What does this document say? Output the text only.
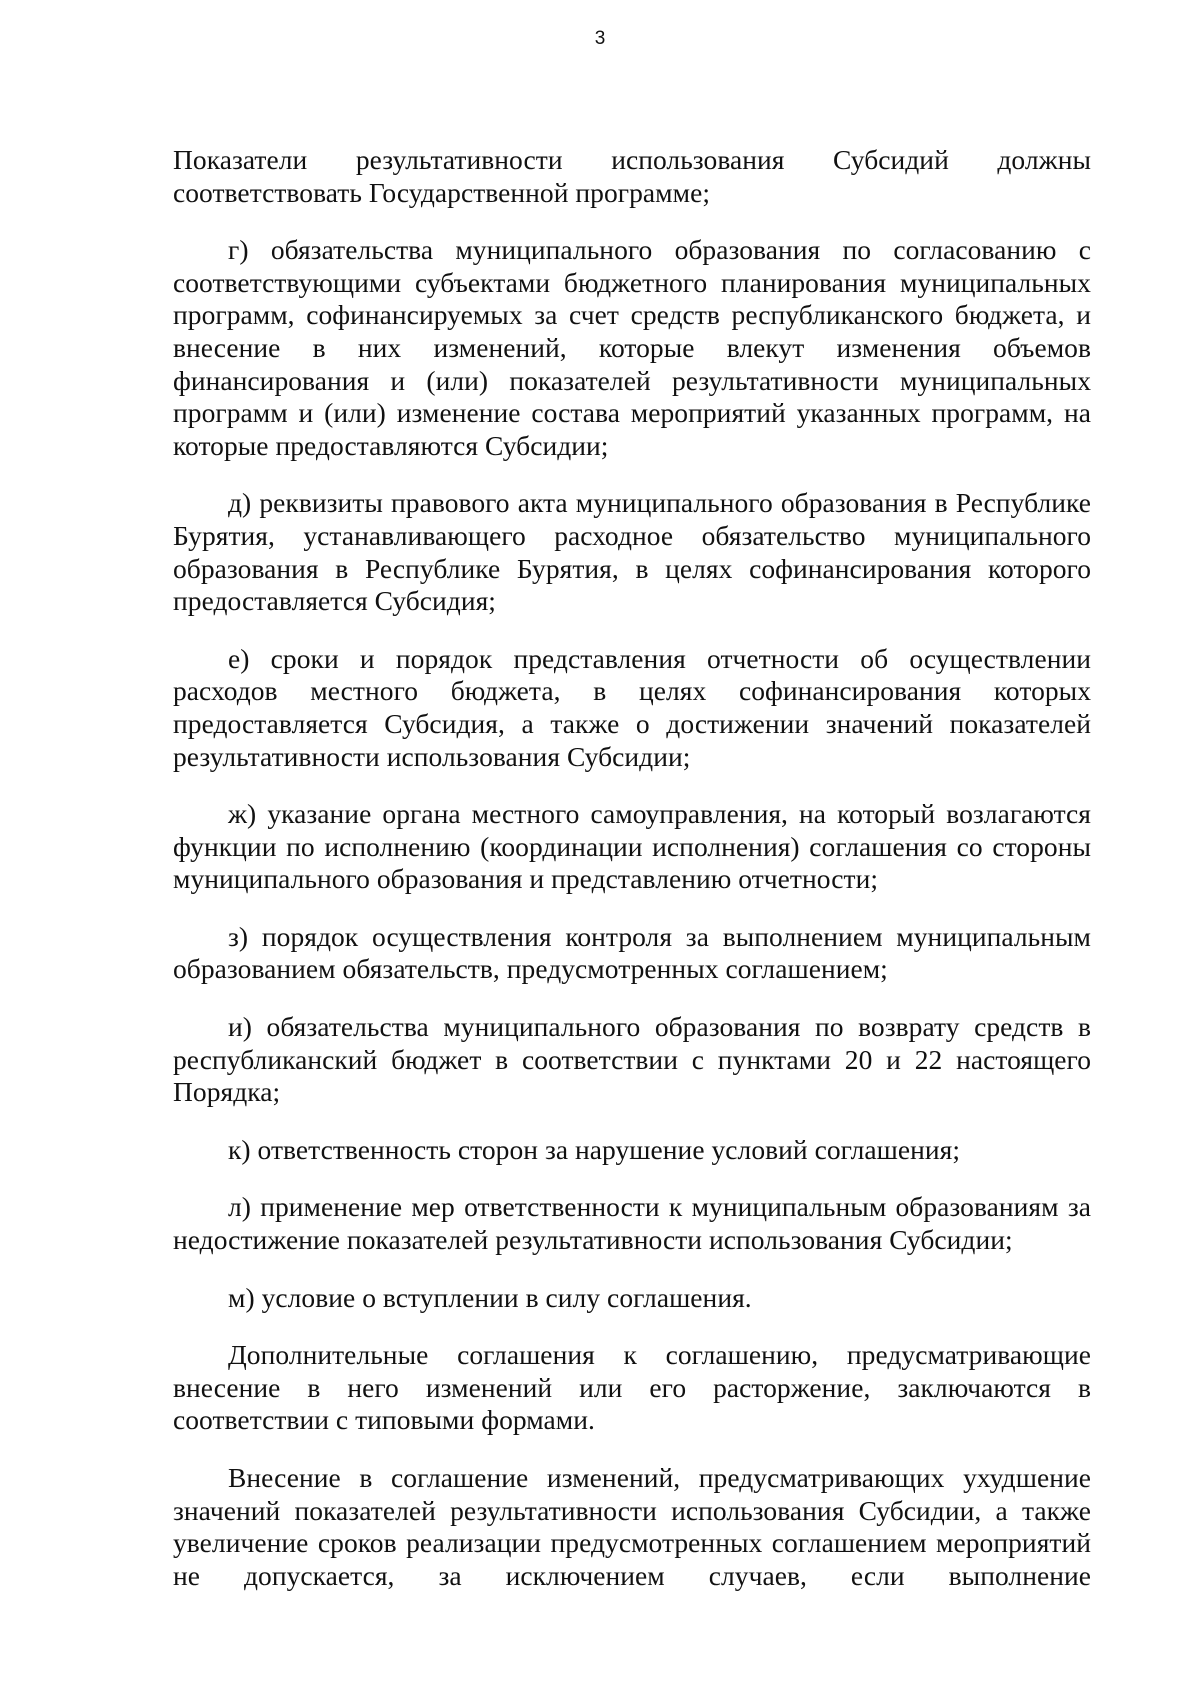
3

Показатели результативности использования Субсидий должны соответствовать Государственной программе;

г) обязательства муниципального образования по согласованию с соответствующими субъектами бюджетного планирования муниципальных программ, софинансируемых за счет средств республиканского бюджета, и внесение в них изменений, которые влекут изменения объемов финансирования и (или) показателей результативности муниципальных программ и (или) изменение состава мероприятий указанных программ, на которые предоставляются Субсидии;

д) реквизиты правового акта муниципального образования в Республике Бурятия, устанавливающего расходное обязательство муниципального образования в Республике Бурятия, в целях софинансирования которого предоставляется Субсидия;

е) сроки и порядок представления отчетности об осуществлении расходов местного бюджета, в целях софинансирования которых предоставляется Субсидия, а также о достижении значений показателей результативности использования Субсидии;

ж) указание органа местного самоуправления, на который возлагаются функции по исполнению (координации исполнения) соглашения со стороны муниципального образования и представлению отчетности;

з) порядок осуществления контроля за выполнением муниципальным образованием обязательств, предусмотренных соглашением;

и) обязательства муниципального образования по возврату средств в республиканский бюджет в соответствии с пунктами 20 и 22 настоящего Порядка;

к) ответственность сторон за нарушение условий соглашения;

л) применение мер ответственности к муниципальным образованиям за недостижение показателей результативности использования Субсидии;

м) условие о вступлении в силу соглашения.

Дополнительные соглашения к соглашению, предусматривающие внесение в него изменений или его расторжение, заключаются в соответствии с типовыми формами.

Внесение в соглашение изменений, предусматривающих ухудшение значений показателей результативности использования Субсидии, а также увеличение сроков реализации предусмотренных соглашением мероприятий не допускается, за исключением случаев, если выполнение
